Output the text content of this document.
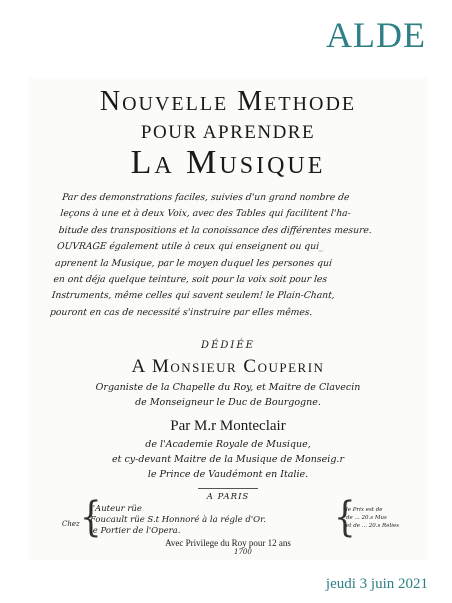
ALDE
Nouvelle Methode
POUR APRENDRE
La Musique
Par des demonstrations faciles, suivies d'un grand nombre de
leçons à une et à deux Voix, avec des Tables qui facilitent l'ha-
bitude des transpositions et la conoissance des différentes mesure.
OUVRAGE également utile à ceux qui enseignent ou qui_
aprenent la Musique, par le moyen duquel les persones qui
en ont déja quelque teinture, soit pour la voix soit pour les
Instruments, même celles qui savent seulem! le Plain-Chant,
pouront en cas de necessité s'instruire par elles mêmes.
DÉDIÉE
A Monsieur Couperin
Organiste de la Chapelle du Roy, et Maitre de Clavecin
de Monseigneur le Duc de Bourgogne.
Par M.r Monteclair
de l'Academie Royale de Musique,
et cy-devant Maitre de la Musique de Monseig.r
le Prince de Vaudémont en Italie.
A PARIS
Chez {
l'Auteur rüe
Foucault rüe S.t Honnoré à la régle d'Or.
le Portier de l'Opera.	{
le Prix est de
de ... 20.s Mus
et de ... 20.s Relies
Avec Privilege du Roy pour 12 ans
1700
jeudi 3 juin 2021
